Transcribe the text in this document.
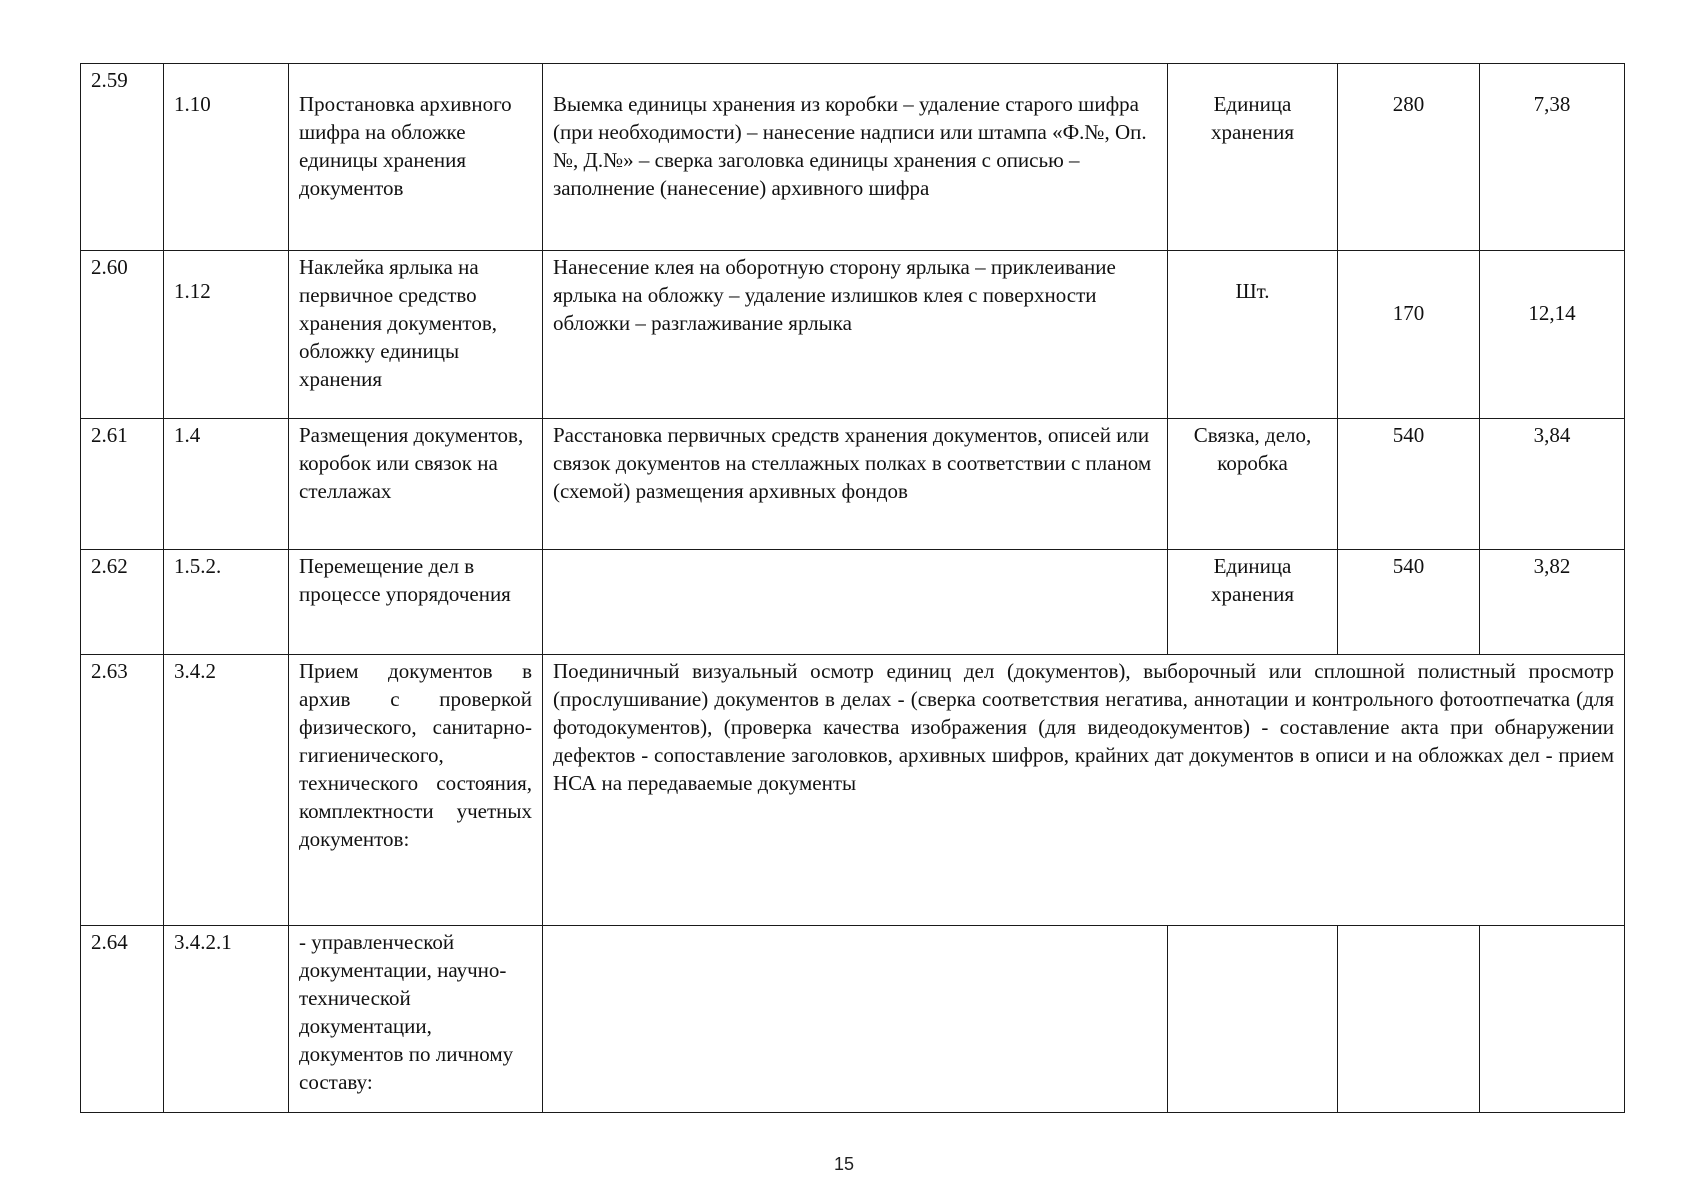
2.59	1.10	Простановка архивного шифра на обложке единицы хранения документов	Выемка единицы хранения из коробки – удаление старого шифра (при необходимости) – нанесение надписи или штампа «Ф.№, Оп.№, Д.№» – сверка заголовка единицы хранения с описью – заполнение (нанесение) архивного шифра	Единица хранения	280	7,38
2.60	1.12	Наклейка ярлыка на первичное средство хранения документов, обложку единицы хранения	Нанесение клея на оборотную сторону ярлыка – приклеивание ярлыка на обложку – удаление излишков клея с поверхности обложки – разглаживание ярлыка	Шт.	170	12,14
2.61	1.4	Размещения документов, коробок или связок на стеллажах	Расстановка первичных средств хранения документов, описей или связок документов на стеллажных полках в соответствии с планом (схемой) размещения архивных фондов	Связка, дело, коробка	540	3,84
2.62	1.5.2.	Перемещение дел в процессе упорядочения		Единица хранения	540	3,82
2.63	3.4.2	Прием документов в архив с проверкой физического, санитарно-гигиенического, технического состояния, комплектности учетных документов:	Поединичный визуальный осмотр единиц дел (документов), выборочный или сплошной полистный просмотр (прослушивание) документов в делах - (сверка соответствия негатива, аннотации и контрольного фотоотпечатка (для фотодокументов), (проверка качества изображения (для видеодокументов) - составление акта при обнаружении дефектов - сопоставление заголовков, архивных шифров, крайних дат документов в описи и на обложках дел - прием НСА на передаваемые документы			
2.64	3.4.2.1	- управленческой документации, научно-технической документации, документов по личному составу:				
15
